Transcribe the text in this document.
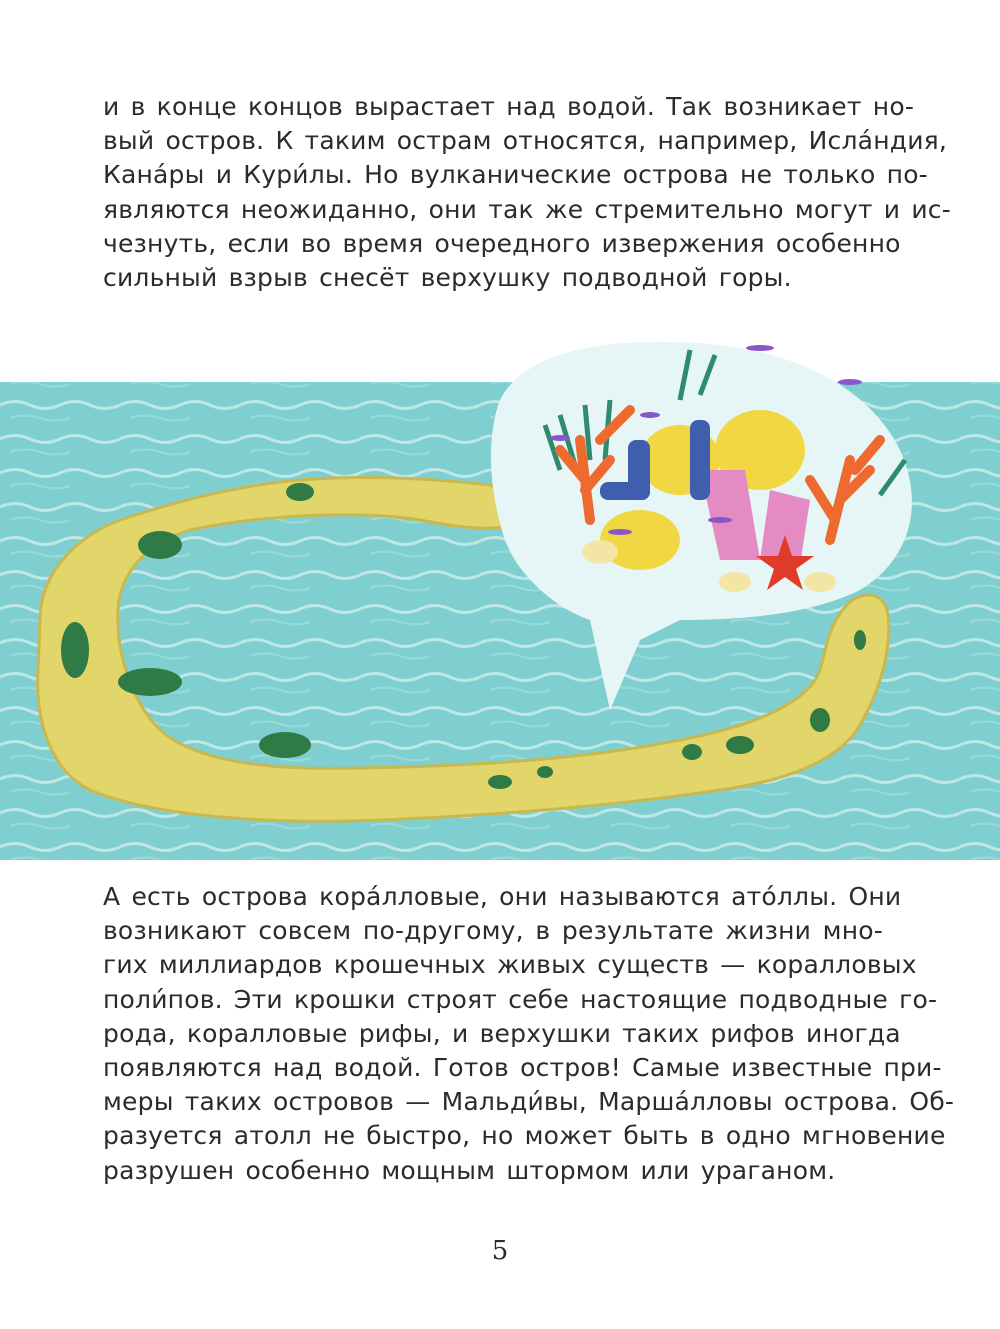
и в конце концов вырастает над водой. Так возникает но-
вый остров. К таким острам относятся, например, Исла́ндия,
Кана́ры и Кури́лы. Но вулканические острова не только по-
являются неожиданно, они так же стремительно могут и ис-
чезнуть, если во время очередного извержения особенно
сильный взрыв снесёт верхушку подводной горы.
А есть острова кора́лловые, они называются ато́ллы. Они
возникают совсем по-другому, в результате жизни мно-
гих миллиардов крошечных живых существ — коралловых
поли́пов. Эти крошки строят себе настоящие подводные го-
рода, коралловые рифы, и верхушки таких рифов иногда
появляются над водой. Готов остров! Самые известные при-
меры таких островов — Мальди́вы, Марша́лловы острова. Об-
разуется атолл не быстро, но может быть в одно мгновение
разрушен особенно мощным штормом или ураганом.
5
